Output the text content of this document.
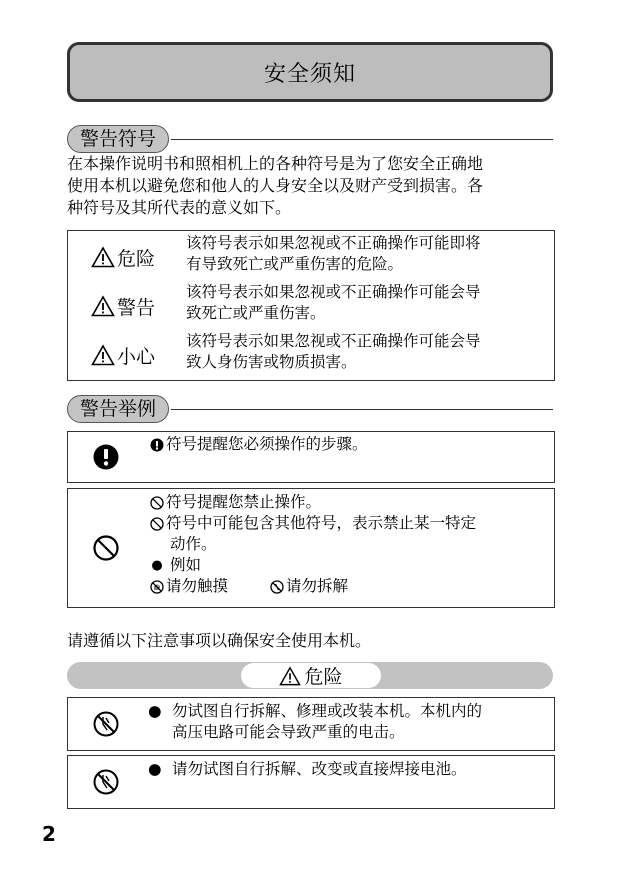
安全须知
警告符号
在本操作说明书和照相机上的各种符号是为了您安全正确地
使用本机以避免您和他人的人身安全以及财产受到损害。各
种符号及其所代表的意义如下。
危险
该符号表示如果忽视或不正确操作可能即将
有导致死亡或严重伤害的危险。
警告
该符号表示如果忽视或不正确操作可能会导
致死亡或严重伤害。
小心
该符号表示如果忽视或不正确操作可能会导
致人身伤害或物质损害。
警告举例
符号提醒您必须操作的步骤。
符号提醒您禁止操作。
符号中可能包含其他符号，表示禁止某一特定
动作。
● 例如
请勿触摸	请勿拆解
请遵循以下注意事项以确保安全使用本机。
危险
● 勿试图自行拆解、修理或改装本机。本机内的
高压电路可能会导致严重的电击。
● 请勿试图自行拆解、改变或直接焊接电池。
2
